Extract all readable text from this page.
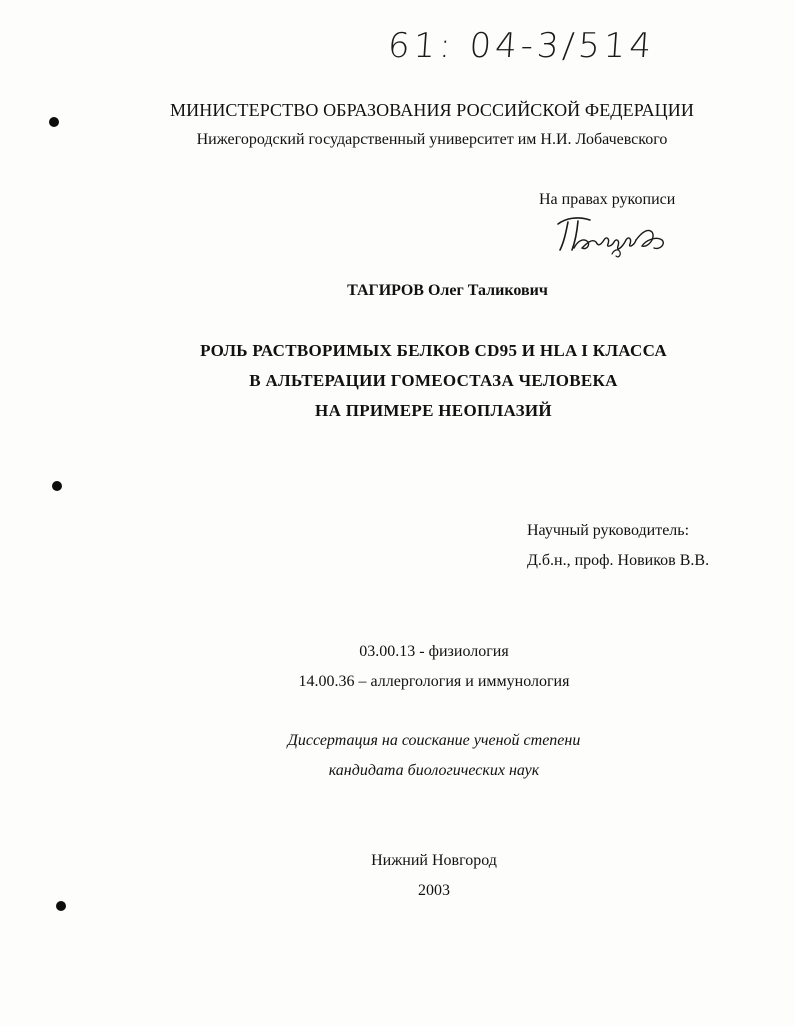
61: 04-3/514
МИНИСТЕРСТВО ОБРАЗОВАНИЯ РОССИЙСКОЙ ФЕДЕРАЦИИ
Нижегородский государственный университет им Н.И. Лобачевского
На правах рукописи
ТАГИРОВ Олег Таликович
РОЛЬ РАСТВОРИМЫХ БЕЛКОВ CD95 И HLA I КЛАССА
В АЛЬТЕРАЦИИ ГОМЕОСТАЗА ЧЕЛОВЕКА
НА ПРИМЕРЕ НЕОПЛАЗИЙ
Научный руководитель:
Д.б.н., проф. Новиков В.В.
03.00.13 - физиология
14.00.36 – аллергология и иммунология
Диссертация на соискание ученой степени
кандидата биологических наук
Нижний Новгород
2003
